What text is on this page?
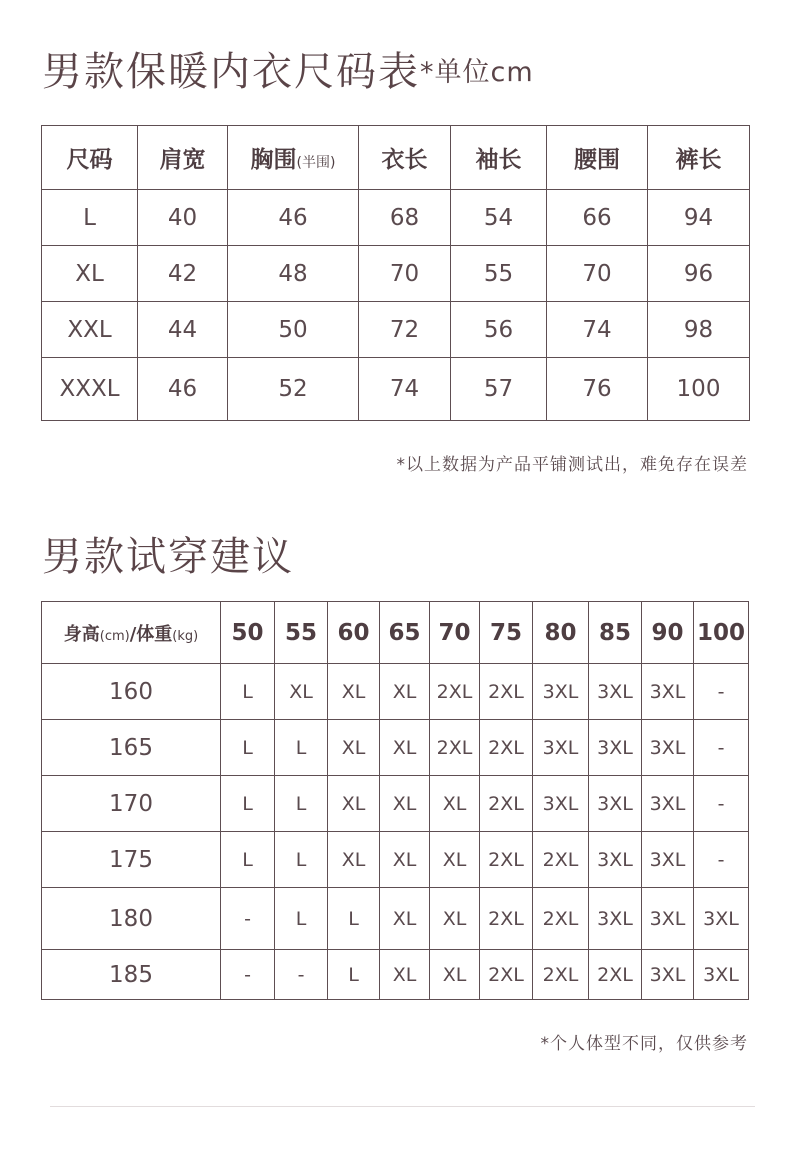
男款保暖内衣尺码表*单位cm
尺码	肩宽	胸围(半围)	衣长	袖长	腰围	裤长
L	40	46	68	54	66	94
XL	42	48	70	55	70	96
XXL	44	50	72	56	74	98
XXXL	46	52	74	57	76	100
*以上数据为产品平铺测试出，难免存在误差
男款试穿建议
身高(cm)/体重(kg)	50	55	60	65	70	75	80	85	90	100
160	L	XL	XL	XL	2XL	2XL	3XL	3XL	3XL	-
165	L	L	XL	XL	2XL	2XL	3XL	3XL	3XL	-
170	L	L	XL	XL	XL	2XL	3XL	3XL	3XL	-
175	L	L	XL	XL	XL	2XL	2XL	3XL	3XL	-
180	-	L	L	XL	XL	2XL	2XL	3XL	3XL	3XL
185	-	-	L	XL	XL	2XL	2XL	2XL	3XL	3XL
*个人体型不同，仅供参考
